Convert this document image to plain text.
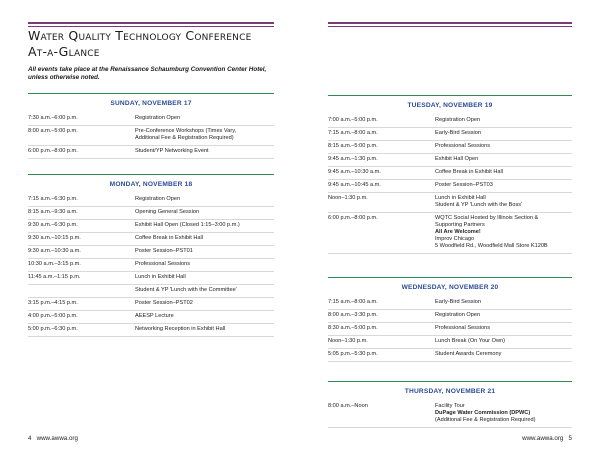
Water Quality Technology Conference
At-a-Glance
All events take place at the Renaissance Schaumburg Convention Center Hotel, unless otherwise noted.
SUNDAY, NOVEMBER 17
7:30 a.m.–6:00 p.m.	Registration Open
8:00 a.m.–5:00 p.m.	Pre-Conference Workshops (Times Vary,
Additional Fee & Registration Required)
6:00 p.m.–8:00 p.m.	Student/YP Networking Event
MONDAY, NOVEMBER 18
7:15 a.m.–6:30 p.m.	Registration Open
8:15 a.m.–9:30 a.m.	Opening General Session
9:30 a.m.–6:30 p.m.	Exhibit Hall Open (Closed 1:15–3:00 p.m.)
9:30 a.m.–10:15 p.m.	Coffee Break in Exhibit Hall
9:30 a.m.–10:30 a.m.	Poster Session–PST01
10:30 a.m.–3:15 p.m.	Professional Sessions
11:45 a.m.–1:15 p.m.	Lunch in Exhibit Hall
Student & YP 'Lunch with the Committee'
3:15 p.m.–4:15 p.m.	Poster Session–PST02
4:00 p.m.–5:00 p.m.	AEESP Lecture
5:00 p.m.–6:30 p.m.	Networking Reception in Exhibit Hall
4 www.awwa.org
TUESDAY, NOVEMBER 19
7:00 a.m.–5:00 p.m.	Registration Open
7:15 a.m.–8:00 a.m.	Early-Bird Session
8:15 a.m.–5:00 p.m.	Professional Sessions
9:45 a.m.–1:30 p.m.	Exhibit Hall Open
9:45 a.m.–10:30 a.m.	Coffee Break in Exhibit Hall
9:45 a.m.–10:45 a.m.	Poster Session–PST03
Noon–1:30 p.m.	Lunch in Exhibit Hall
Student & YP 'Lunch with the Boss'
6:00 p.m.–8:00 p.m.	WQTC Social Hosted by Illinois Section &
Supporting Partners
All Are Welcome!
Improv Chicago
5 Woodfield Rd., Woodfield Mall Store K120B
WEDNESDAY, NOVEMBER 20
7:15 a.m.–8:00 a.m.	Early-Bird Session
8:00 a.m.–3:30 p.m.	Registration Open
8:30 a.m.–5:00 p.m.	Professional Sessions
Noon–1:30 p.m.	Lunch Break (On Your Own)
5:05 p.m.–5:30 p.m.	Student Awards Ceremony
THURSDAY, NOVEMBER 21
8:00 a.m.–Noon	Facility Tour
DuPage Water Commission (DPWC)
(Additional Fee & Registration Required)
www.awwa.org 5
